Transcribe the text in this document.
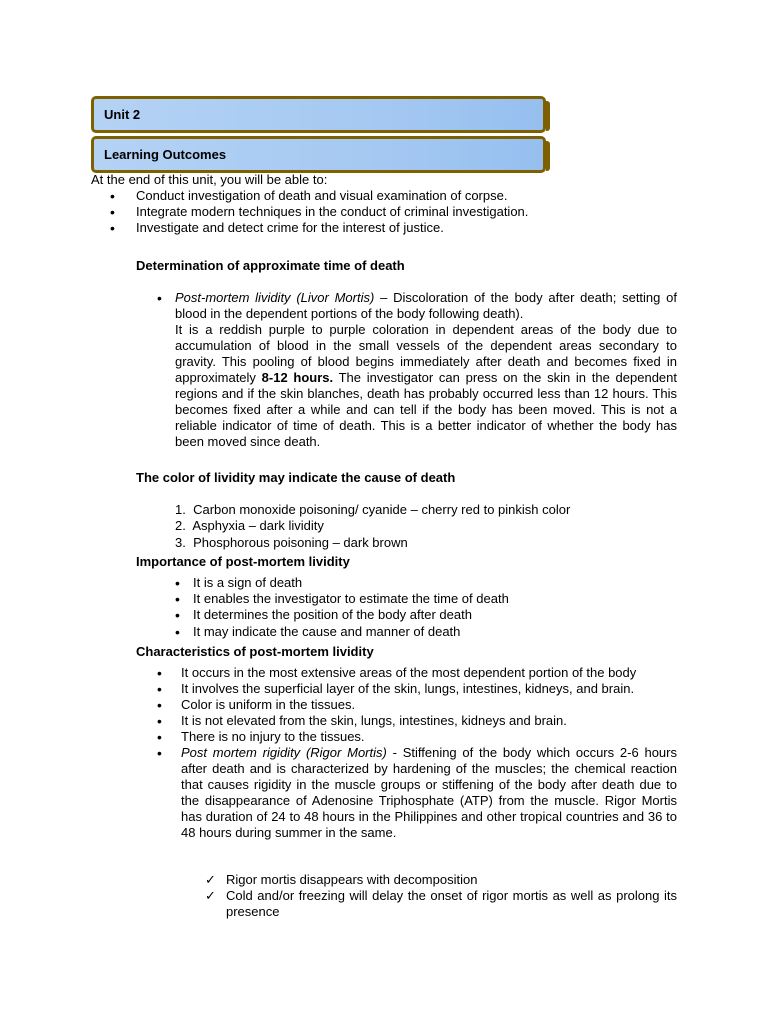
Unit 2
Learning Outcomes
At the end of this unit, you will be able to:
• Conduct investigation of death and visual examination of corpse.
• Integrate modern techniques in the conduct of criminal investigation.
• Investigate and detect crime for the interest of justice.
Determination of approximate time of death
• Post-mortem lividity (Livor Mortis) – Discoloration of the body after death; setting of blood in the dependent portions of the body following death).
It is a reddish purple to purple coloration in dependent areas of the body due to accumulation of blood in the small vessels of the dependent areas secondary to gravity. This pooling of blood begins immediately after death and becomes fixed in approximately 8-12 hours. The investigator can press on the skin in the dependent regions and if the skin blanches, death has probably occurred less than 12 hours. This becomes fixed after a while and can tell if the body has been moved. This is not a reliable indicator of time of death. This is a better indicator of whether the body has been moved since death.
The color of lividity may indicate the cause of death
1.  Carbon monoxide poisoning/ cyanide – cherry red to pinkish color
2.  Asphyxia – dark lividity
3.  Phosphorous poisoning – dark brown
Importance of post-mortem lividity
• It is a sign of death
• It enables the investigator to estimate the time of death
• It determines the position of the body after death
• It may indicate the cause and manner of death
Characteristics of post-mortem lividity
• It occurs in the most extensive areas of the most dependent portion of the body
• It involves the superficial layer of the skin, lungs, intestines, kidneys, and brain.
• Color is uniform in the tissues.
• It is not elevated from the skin, lungs, intestines, kidneys and brain.
• There is no injury to the tissues.
• Post mortem rigidity (Rigor Mortis) - Stiffening of the body which occurs 2-6 hours after death and is characterized by hardening of the muscles; the chemical reaction that causes rigidity in the muscle groups or stiffening of the body after death due to the disappearance of Adenosine Triphosphate (ATP) from the muscle. Rigor Mortis has duration of 24 to 48 hours in the Philippines and other tropical countries and 36 to 48 hours during summer in the same.
✓ Rigor mortis disappears with decomposition
✓ Cold and/or freezing will delay the onset of rigor mortis as well as prolong its presence
